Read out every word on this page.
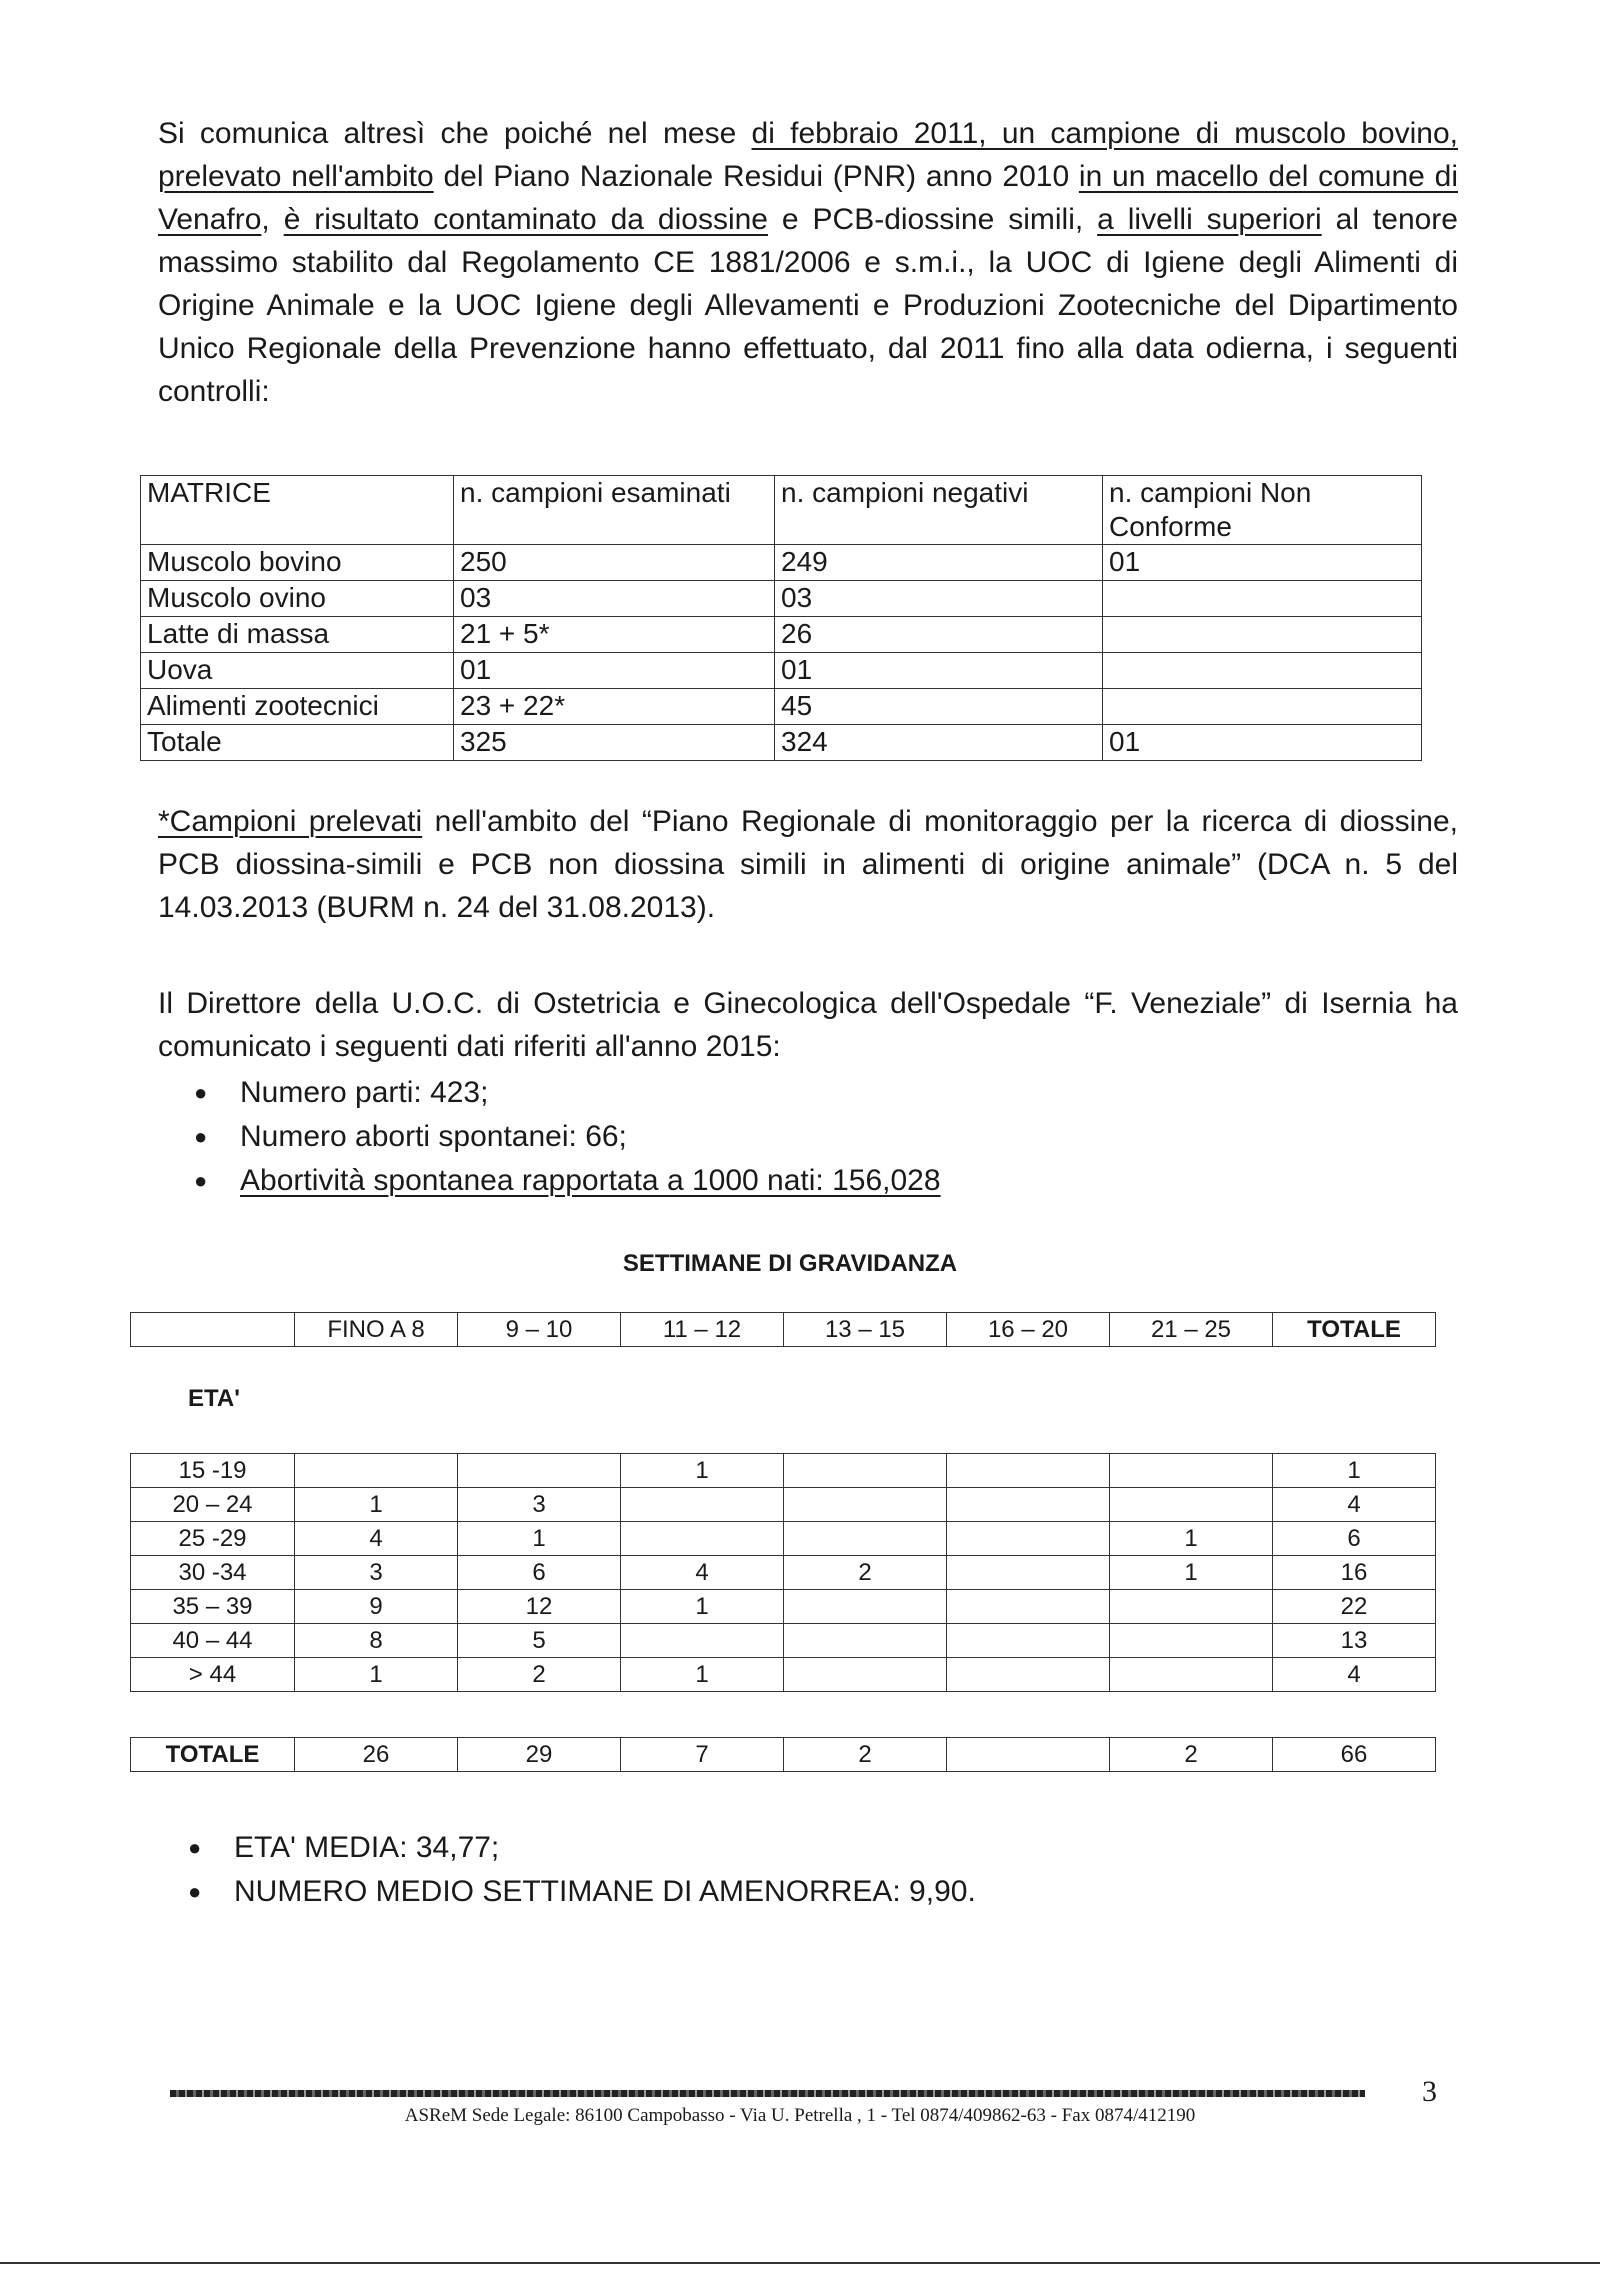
Si comunica altresì che poiché nel mese di febbraio 2011, un campione di muscolo bovino, prelevato nell'ambito del Piano Nazionale Residui (PNR) anno 2010 in un macello del comune di Venafro, è risultato contaminato da diossine e PCB-diossine simili, a livelli superiori al tenore massimo stabilito dal Regolamento CE 1881/2006 e s.m.i., la UOC di Igiene degli Alimenti di Origine Animale e la UOC Igiene degli Allevamenti e Produzioni Zootecniche del Dipartimento Unico Regionale della Prevenzione hanno effettuato, dal 2011 fino alla data odierna, i seguenti controlli:

MATRICE	n. campioni esaminati	n. campioni negativi	n. campioni Non Conforme
Muscolo bovino	250	249	01
Muscolo ovino	03	03	
Latte di massa	21 + 5*	26	
Uova	01	01	
Alimenti zootecnici	23 + 22*	45	
Totale	325	324	01

*Campioni prelevati nell'ambito del “Piano Regionale di monitoraggio per la ricerca di diossine, PCB diossina-simili e PCB non diossina simili in alimenti di origine animale” (DCA n. 5 del 14.03.2013 (BURM n. 24 del 31.08.2013).

Il Direttore della U.O.C. di Ostetricia e Ginecologica dell'Ospedale “F. Veneziale” di Isernia ha comunicato i seguenti dati riferiti all'anno 2015:

● Numero parti: 423;
● Numero aborti spontanei: 66;
● Abortività spontanea rapportata a 1000 nati: 156,028
SETTIMANE DI GRAVIDANZA
	FINO A 8	9 – 10	11 – 12	13 – 15	16 – 20	21 – 25	TOTALE
ETA'
15 -19			1				1
20 – 24	1	3					4
25 -29	4	1				1	6
30 -34	3	6	4	2		1	16
35 – 39	9	12	1				22
40 – 44	8	5					13
> 44	1	2	1				4
TOTALE	26	29	7	2		2	66
● ETA' MEDIA: 34,77;
● NUMERO MEDIO SETTIMANE DI AMENORREA: 9,90.
3
ASReM Sede Legale: 86100 Campobasso - Via U. Petrella , 1 - Tel 0874/409862-63 - Fax 0874/412190
